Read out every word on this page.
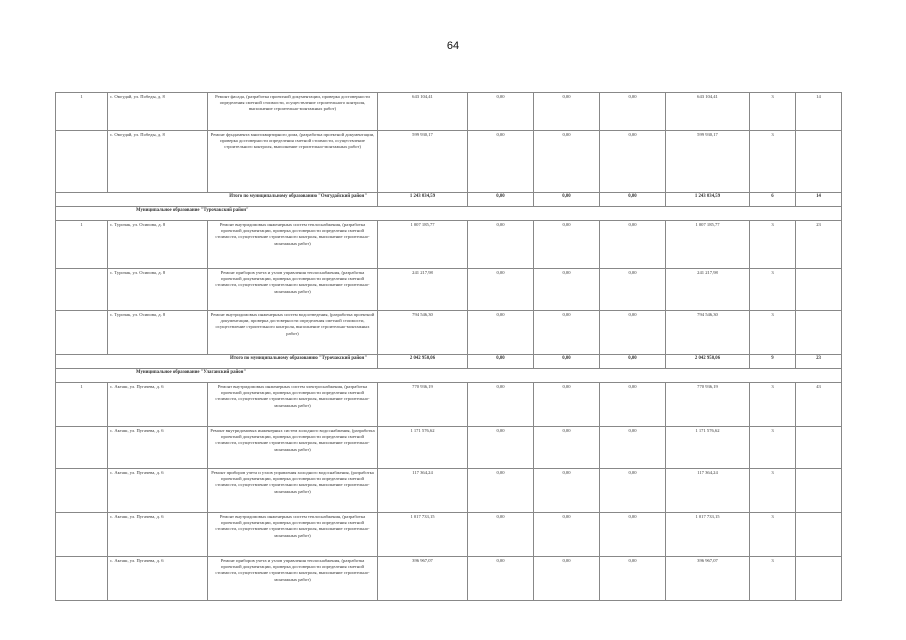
64
1	с. Омгудай, ул. Победы, д. 8	Ремонт фасада, (разработка проектной документации, проверка достоверности определения сметной стоимости, осуществление строительного контроля, выполнение строительно-монтажных работ)	643 104,41	0,00	0,00	0,00	643 104,41	3	14
	с. Омгудай, ул. Победы, д. 8	Ремонт фундамента многоквартирного дома, (разработка проектной документации, проверка достоверности определения сметной стоимости, осуществление строительного контроля, выполнение строительно-монтажных работ)	599 930,17	0,00	0,00	0,00	599 930,17	3	
Итого по муниципальному образованию "Омгудайский район"			1 243 034,59	0,00	0,00	0,00	1 243 034,59	6	14
Муниципальное образование "Турочакский район"									
1	с. Турочак, ул. Осипова, д. 8	Ремонт внутридомовых инженерных систем теплоснабжения, (разработка проектной документации, проверка достоверности определения сметной стоимости, осуществление строительного контроля, выполнение строительно-монтажных работ)	1 007 185,77	0,00	0,00	0,00	1 007 185,77	3	23
	с. Турочак, ул. Осипова, д. 8	Ремонт приборов учета и узлов управления теплоснабжения, (разработка проектной документации, проверка достоверности определения сметной стоимости, осуществление строительного контроля, выполнение строительно-монтажных работ)	241 217,98	0,00	0,00	0,00	241 217,98	3	
	с. Турочак, ул. Осипова, д. 8	Ремонт внутридомовых инженерных систем водоотведения, (разработка проектной документации, проверка достоверности определения сметной стоимости, осуществление строительного контроля, выполнение строительно-монтажных работ)	794 546,30	0,00	0,00	0,00	794 546,30	3	
Итого по муниципальному образованию "Турочакский район"			2 042 950,06	0,00	0,00	0,00	2 042 950,06	9	23
Муниципальное образование "Улаганский район"									
1	с. Акташ, ул. Пугачева, д. 6	Ремонт внутридомовых инженерных систем электроснабжения, (разработка проектной документации, проверка достоверности определения сметной стоимости, осуществление строительного контроля, выполнение строительно-монтажных работ)	770 936,19	0,00	0,00	0,00	770 936,19	3	43
	с. Акташ, ул. Пугачева, д. 6	Ремонт внутридомовых инженерных систем холодного водоснабжения, (разработка проектной документации, проверка достоверности определения сметной стоимости, осуществление строительного контроля, выполнение строительно-монтажных работ)	1 171 576,62	0,00	0,00	0,00	1 171 576,62	3	
	с. Акташ, ул. Пугачева, д. 6	Ремонт приборов учета и узлов управления холодного водоснабжения, (разработка проектной документации, проверка достоверности определения сметной стоимости, осуществление строительного контроля, выполнение строительно-монтажных работ)	117 364,24	0,00	0,00	0,00	117 364,24	3	
	с. Акташ, ул. Пугачева, д. 6	Ремонт внутридомовых инженерных систем теплоснабжения, (разработка проектной документации, проверка достоверности определения сметной стоимости, осуществление строительного контроля, выполнение строительно-монтажных работ)	1 017 733,15	0,00	0,00	0,00	1 017 733,15	3	
	с. Акташ, ул. Пугачева, д. 6	Ремонт приборов учета и узлов управления теплоснабжения, (разработка проектной документации, проверка достоверности определения сметной стоимости, осуществление строительного контроля, выполнение строительно-монтажных работ)	396 967,07	0,00	0,00	0,00	396 967,07	3	
